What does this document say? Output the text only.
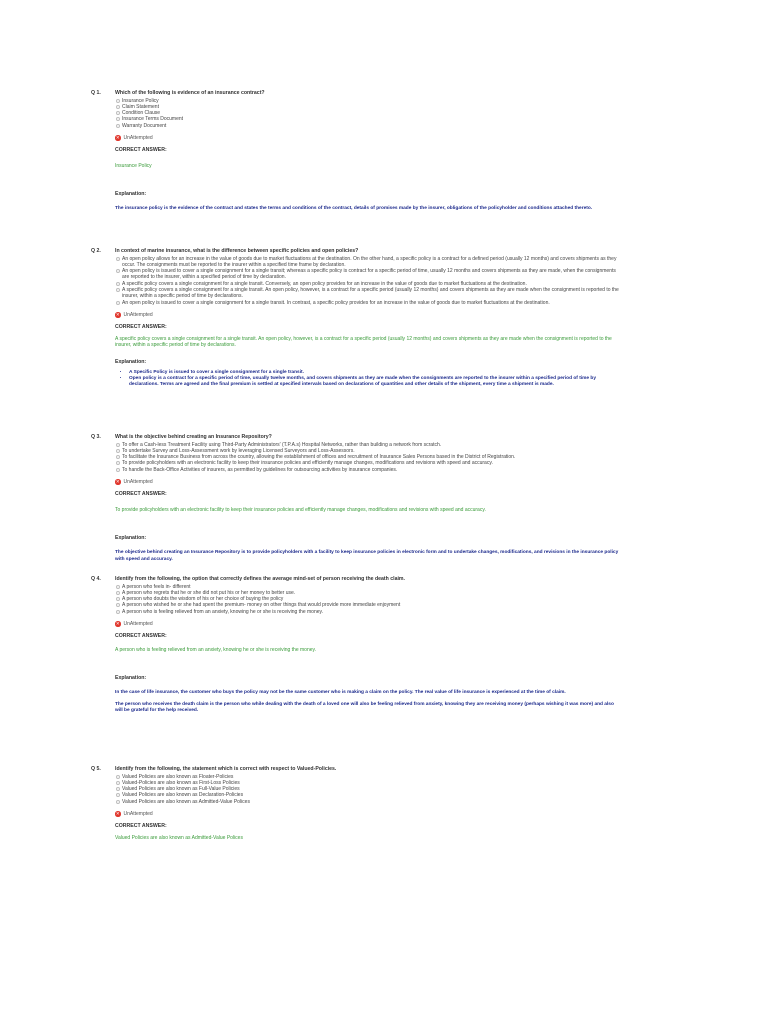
Q 1.	Which of the following is evidence of an insurance contract?
Insurance Policy
Claim Statement
Condition Clause
Insurance Terms Document
Warranty Document
✕ UnAttempted
CORRECT ANSWER:
Insurance Policy
Explanation:
The insurance policy is the evidence of the contract and states the terms and conditions of the contract, details of promises made by the insurer, obligations of the policyholder and conditions attached thereto.
Q 2.	In context of marine insurance, what is the difference between specific policies and open policies?
An open policy allows for an increase in the value of goods due to market fluctuations at the destination. On the other hand, a specific policy is a contract for a defined period (usually 12 months) and covers shipments as they occur. The consignments must be reported to the insurer within a specified time frame by declaration.
An open policy is issued to cover a single consignment for a single transit; whereas a specific policy is contract for a specific period of time, usually 12 months and covers shipments as they are made, when the consignments are reported to the insurer, within a specified period of time by declaration.
A specific policy covers a single consignment for a single transit. Conversely, an open policy provides for an increase in the value of goods due to market fluctuations at the destination.
A specific policy covers a single consignment for a single transit. An open policy, however, is a contract for a specific period (usually 12 months) and covers shipments as they are made when the consignment is reported to the insurer, within a specific period of time by declarations.
An open policy is issued to cover a single consignment for a single transit. In contrast, a specific policy provides for an increase in the value of goods due to market fluctuations at the destination.
✕ UnAttempted
CORRECT ANSWER:
A specific policy covers a single consignment for a single transit. An open policy, however, is a contract for a specific period (usually 12 months) and covers shipments as they are made when the consignment is reported to the insurer, within a specific period of time by declarations.
Explanation:
• A Specific Policy is issued to cover a single consignment for a single transit.
• Open policy is a contract for a specific period of time, usually twelve months, and covers shipments as they are made when the consignments are reported to the insurer within a specified period of time by declarations. Terms are agreed and the final premium is settled at specified intervals based on declarations of quantities and other details of the shipment, every time a shipment is made.
Q 3.	What is the objective behind creating an Insurance Repository?
To offer a Cash-less Treatment Facility using Third-Party Administrators' (T.P.A.s) Hospital Networks, rather than building a network from scratch.
To undertake Survey and Loss-Assessment work by leveraging Licensed Surveyors and Loss-Assessors.
To facilitate the Insurance Business from across the country, allowing the establishment of offices and recruitment of Insurance Sales Persons based in the District of Registration.
To provide policyholders with an electronic facility to keep their insurance policies and efficiently manage changes, modifications and revisions with speed and accuracy.
To handle the Back-Office Activities of insurers, as permitted by guidelines for outsourcing activities by insurance companies.
✕ UnAttempted
CORRECT ANSWER:
To provide policyholders with an electronic facility to keep their insurance policies and efficiently manage changes, modifications and revisions with speed and accuracy.
Explanation:
The objective behind creating an Insurance Repository is to provide policyholders with a facility to keep insurance policies in electronic form and to undertake changes, modifications, and revisions in the insurance policy with speed and accuracy.
Q 4.	Identify from the following, the option that correctly defines the average mind-set of person receiving the death claim.
A person who feels in- different
A person who regrets that he or she did not put his or her money to better use.
A person who doubts the wisdom of his or her choice of buying the policy
A person who wished he or she had spent the premium- money on other things that would provide more immediate enjoyment
A person who is feeling relieved from an anxiety, knowing he or she is receiving the money.
✕ UnAttempted
CORRECT ANSWER:
A person who is feeling relieved from an anxiety, knowing he or she is receiving the money.
Explanation:
In the case of life insurance, the customer who buys the policy may not be the same customer who is making a claim on the policy. The real value of life insurance is experienced at the time of claim.
The person who receives the death claim is the person who while dealing with the death of a loved one will also be feeling relieved from anxiety, knowing they are receiving money (perhaps wishing it was more) and also will be grateful for the help received.
Q 5.	Identify from the following, the statement which is correct with respect to Valued-Policies.
Valued Policies are also known as Floater-Policies
Valued-Policies are also known as First-Loss Policies
Valued Policies are also known as Full-Value Policies
Valued Policies are also known as Declaration-Policies
Valued Policies are also known as Admitted-Value Polices
✕ UnAttempted
CORRECT ANSWER:
Valued Policies are also known as Admitted-Value Polices
